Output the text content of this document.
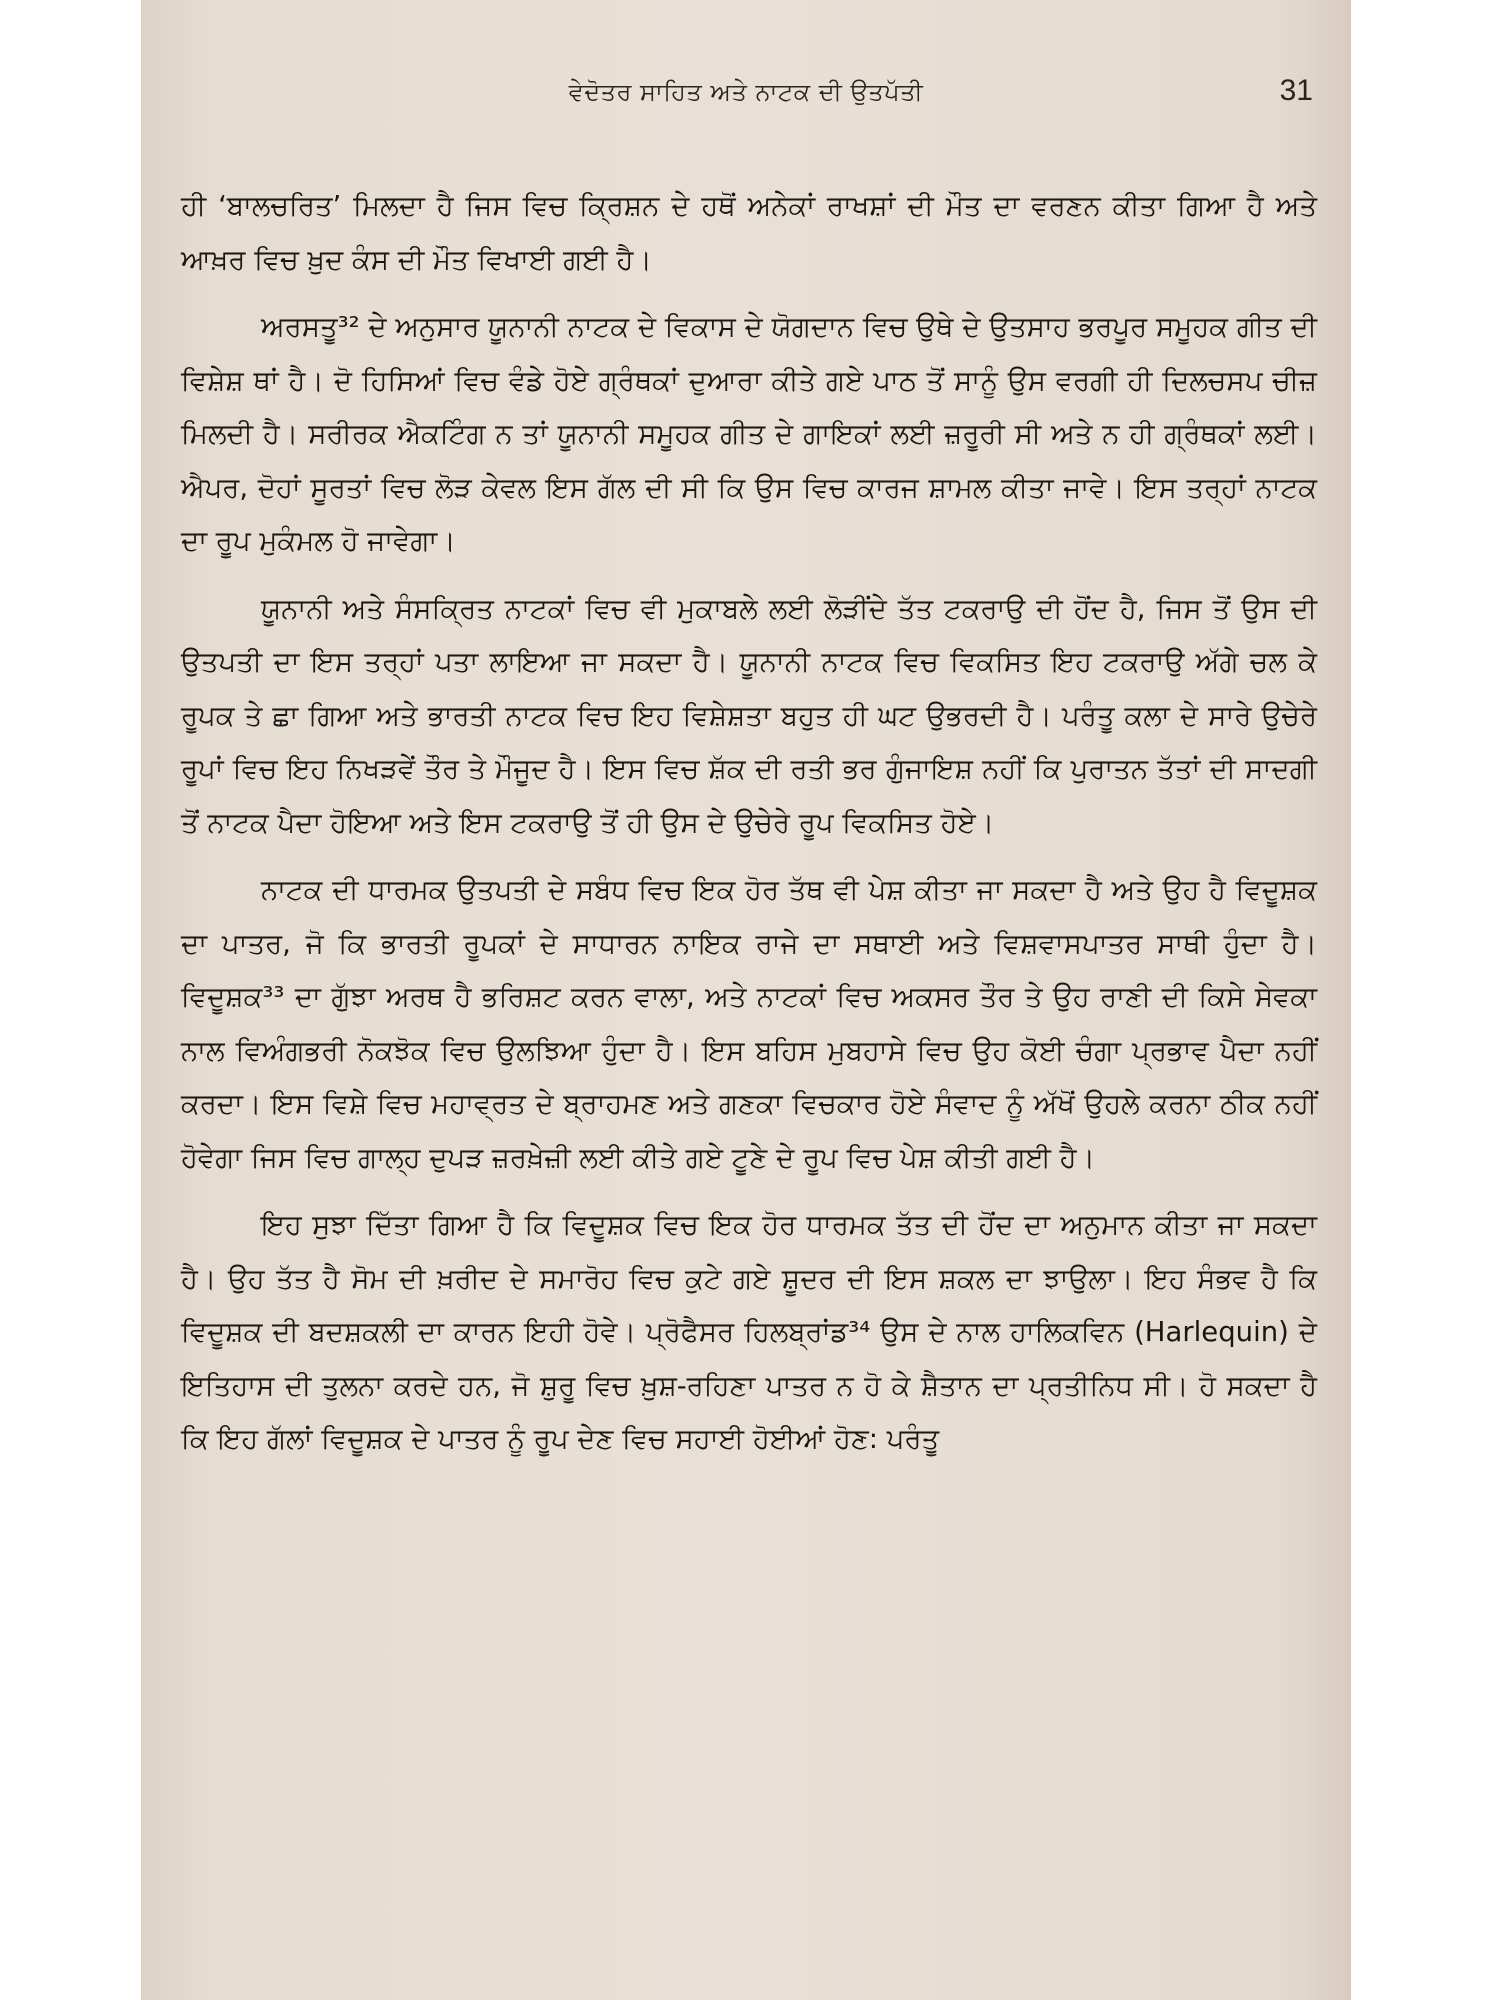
ਵੇਦੋਤਰ ਸਾਹਿਤ ਅਤੇ ਨਾਟਕ ਦੀ ਉਤਪੱਤੀ	31

ਹੀ ‘ਬਾਲਚਰਿਤ’ ਮਿਲਦਾ ਹੈ ਜਿਸ ਵਿਚ ਕ੍ਰਿਸ਼ਨ ਦੇ ਹਥੋਂ ਅਨੇਕਾਂ ਰਾਖਸ਼ਾਂ ਦੀ ਮੌਤ ਦਾ ਵਰਣਨ ਕੀਤਾ ਗਿਆ ਹੈ ਅਤੇ ਆਖ਼ਰ ਵਿਚ ਖ਼ੁਦ ਕੰਸ ਦੀ ਮੌਤ ਵਿਖਾਈ ਗਈ ਹੈ।

ਅਰਸਤੂ³² ਦੇ ਅਨੁਸਾਰ ਯੂਨਾਨੀ ਨਾਟਕ ਦੇ ਵਿਕਾਸ ਦੇ ਯੋਗਦਾਨ ਵਿਚ ਉਥੇ ਦੇ ਉਤਸਾਹ ਭਰਪੂਰ ਸਮੂਹਕ ਗੀਤ ਦੀ ਵਿਸ਼ੇਸ਼ ਥਾਂ ਹੈ। ਦੋ ਹਿਸਿਆਂ ਵਿਚ ਵੰਡੇ ਹੋਏ ਗ੍ਰੰਥਕਾਂ ਦੁਆਰਾ ਕੀਤੇ ਗਏ ਪਾਠ ਤੋਂ ਸਾਨੂੰ ਉਸ ਵਰਗੀ ਹੀ ਦਿਲਚਸਪ ਚੀਜ਼ ਮਿਲਦੀ ਹੈ। ਸਰੀਰਕ ਐਕਟਿੰਗ ਨ ਤਾਂ ਯੂਨਾਨੀ ਸਮੂਹਕ ਗੀਤ ਦੇ ਗਾਇਕਾਂ ਲਈ ਜ਼ਰੂਰੀ ਸੀ ਅਤੇ ਨ ਹੀ ਗ੍ਰੰਥਕਾਂ ਲਈ। ਐਪਰ, ਦੋਹਾਂ ਸੂਰਤਾਂ ਵਿਚ ਲੋੜ ਕੇਵਲ ਇਸ ਗੱਲ ਦੀ ਸੀ ਕਿ ਉਸ ਵਿਚ ਕਾਰਜ ਸ਼ਾਮਲ ਕੀਤਾ ਜਾਵੇ। ਇਸ ਤਰ੍ਹਾਂ ਨਾਟਕ ਦਾ ਰੂਪ ਮੁਕੰਮਲ ਹੋ ਜਾਵੇਗਾ।

ਯੂਨਾਨੀ ਅਤੇ ਸੰਸਕ੍ਰਿਤ ਨਾਟਕਾਂ ਵਿਚ ਵੀ ਮੁਕਾਬਲੇ ਲਈ ਲੋੜੀਂਦੇ ਤੱਤ ਟਕਰਾਉ ਦੀ ਹੋਂਦ ਹੈ, ਜਿਸ ਤੋਂ ਉਸ ਦੀ ਉਤਪਤੀ ਦਾ ਇਸ ਤਰ੍ਹਾਂ ਪਤਾ ਲਾਇਆ ਜਾ ਸਕਦਾ ਹੈ। ਯੂਨਾਨੀ ਨਾਟਕ ਵਿਚ ਵਿਕਸਿਤ ਇਹ ਟਕਰਾਉ ਅੱਗੇ ਚਲ ਕੇ ਰੂਪਕ ਤੇ ਛਾ ਗਿਆ ਅਤੇ ਭਾਰਤੀ ਨਾਟਕ ਵਿਚ ਇਹ ਵਿਸ਼ੇਸ਼ਤਾ ਬਹੁਤ ਹੀ ਘਟ ਉਭਰਦੀ ਹੈ। ਪਰੰਤੂ ਕਲਾ ਦੇ ਸਾਰੇ ਉਚੇਰੇ ਰੂਪਾਂ ਵਿਚ ਇਹ ਨਿਖੜਵੇਂ ਤੌਰ ਤੇ ਮੌਜੂਦ ਹੈ। ਇਸ ਵਿਚ ਸ਼ੱਕ ਦੀ ਰਤੀ ਭਰ ਗੁੰਜਾਇਸ਼ ਨਹੀਂ ਕਿ ਪੁਰਾਤਨ ਤੱਤਾਂ ਦੀ ਸਾਦਗੀ ਤੋਂ ਨਾਟਕ ਪੈਦਾ ਹੋਇਆ ਅਤੇ ਇਸ ਟਕਰਾਉ ਤੋਂ ਹੀ ਉਸ ਦੇ ਉਚੇਰੇ ਰੂਪ ਵਿਕਸਿਤ ਹੋਏ।

ਨਾਟਕ ਦੀ ਧਾਰਮਕ ਉਤਪਤੀ ਦੇ ਸਬੰਧ ਵਿਚ ਇਕ ਹੋਰ ਤੱਥ ਵੀ ਪੇਸ਼ ਕੀਤਾ ਜਾ ਸਕਦਾ ਹੈ ਅਤੇ ਉਹ ਹੈ ਵਿਦੂਸ਼ਕ ਦਾ ਪਾਤਰ, ਜੋ ਕਿ ਭਾਰਤੀ ਰੂਪਕਾਂ ਦੇ ਸਾਧਾਰਨ ਨਾਇਕ ਰਾਜੇ ਦਾ ਸਥਾਈ ਅਤੇ ਵਿਸ਼ਵਾਸਪਾਤਰ ਸਾਥੀ ਹੁੰਦਾ ਹੈ। ਵਿਦੂਸ਼ਕ³³ ਦਾ ਗੁੱਝਾ ਅਰਥ ਹੈ ਭਰਿਸ਼ਟ ਕਰਨ ਵਾਲਾ, ਅਤੇ ਨਾਟਕਾਂ ਵਿਚ ਅਕਸਰ ਤੌਰ ਤੇ ਉਹ ਰਾਣੀ ਦੀ ਕਿਸੇ ਸੇਵਕਾ ਨਾਲ ਵਿਅੰਗਭਰੀ ਨੋਕਝੋਕ ਵਿਚ ਉਲਝਿਆ ਹੁੰਦਾ ਹੈ। ਇਸ ਬਹਿਸ ਮੁਬਹਾਸੇ ਵਿਚ ਉਹ ਕੋਈ ਚੰਗਾ ਪ੍ਰਭਾਵ ਪੈਦਾ ਨਹੀਂ ਕਰਦਾ। ਇਸ ਵਿਸ਼ੇ ਵਿਚ ਮਹਾਵ੍ਰਤ ਦੇ ਬ੍ਰਾਹਮਣ ਅਤੇ ਗਣਕਾ ਵਿਚਕਾਰ ਹੋਏ ਸੰਵਾਦ ਨੂੰ ਅੱਖੋਂ ਉਹਲੇ ਕਰਨਾ ਠੀਕ ਨਹੀਂ ਹੋਵੇਗਾ ਜਿਸ ਵਿਚ ਗਾਲ੍ਹ ਦੁਪੜ ਜ਼ਰਖ਼ੇਜ਼ੀ ਲਈ ਕੀਤੇ ਗਏ ਟੂਣੇ ਦੇ ਰੂਪ ਵਿਚ ਪੇਸ਼ ਕੀਤੀ ਗਈ ਹੈ।

ਇਹ ਸੁਝਾ ਦਿੱਤਾ ਗਿਆ ਹੈ ਕਿ ਵਿਦੂਸ਼ਕ ਵਿਚ ਇਕ ਹੋਰ ਧਾਰਮਕ ਤੱਤ ਦੀ ਹੋਂਦ ਦਾ ਅਨੁਮਾਨ ਕੀਤਾ ਜਾ ਸਕਦਾ ਹੈ। ਉਹ ਤੱਤ ਹੈ ਸੋਮ ਦੀ ਖ਼ਰੀਦ ਦੇ ਸਮਾਰੋਹ ਵਿਚ ਕੁਟੇ ਗਏ ਸ਼ੂਦਰ ਦੀ ਇਸ ਸ਼ਕਲ ਦਾ ਝਾਉਲਾ। ਇਹ ਸੰਭਵ ਹੈ ਕਿ ਵਿਦੂਸ਼ਕ ਦੀ ਬਦਸ਼ਕਲੀ ਦਾ ਕਾਰਨ ਇਹੀ ਹੋਵੇ। ਪ੍ਰੋਫੈਸਰ ਹਿਲਬ੍ਰਾਂਡ³⁴ ਉਸ ਦੇ ਨਾਲ ਹਾਲਿਕਵਿਨ (Harlequin) ਦੇ ਇਤਿਹਾਸ ਦੀ ਤੁਲਨਾ ਕਰਦੇ ਹਨ, ਜੋ ਸ਼ੁਰੂ ਵਿਚ ਖ਼ੁਸ਼-ਰਹਿਣਾ ਪਾਤਰ ਨ ਹੋ ਕੇ ਸ਼ੈਤਾਨ ਦਾ ਪ੍ਰਤੀਨਿਧ ਸੀ। ਹੋ ਸਕਦਾ ਹੈ ਕਿ ਇਹ ਗੱਲਾਂ ਵਿਦੂਸ਼ਕ ਦੇ ਪਾਤਰ ਨੂੰ ਰੂਪ ਦੇਣ ਵਿਚ ਸਹਾਈ ਹੋਈਆਂ ਹੋਣ: ਪਰੰਤੂ
